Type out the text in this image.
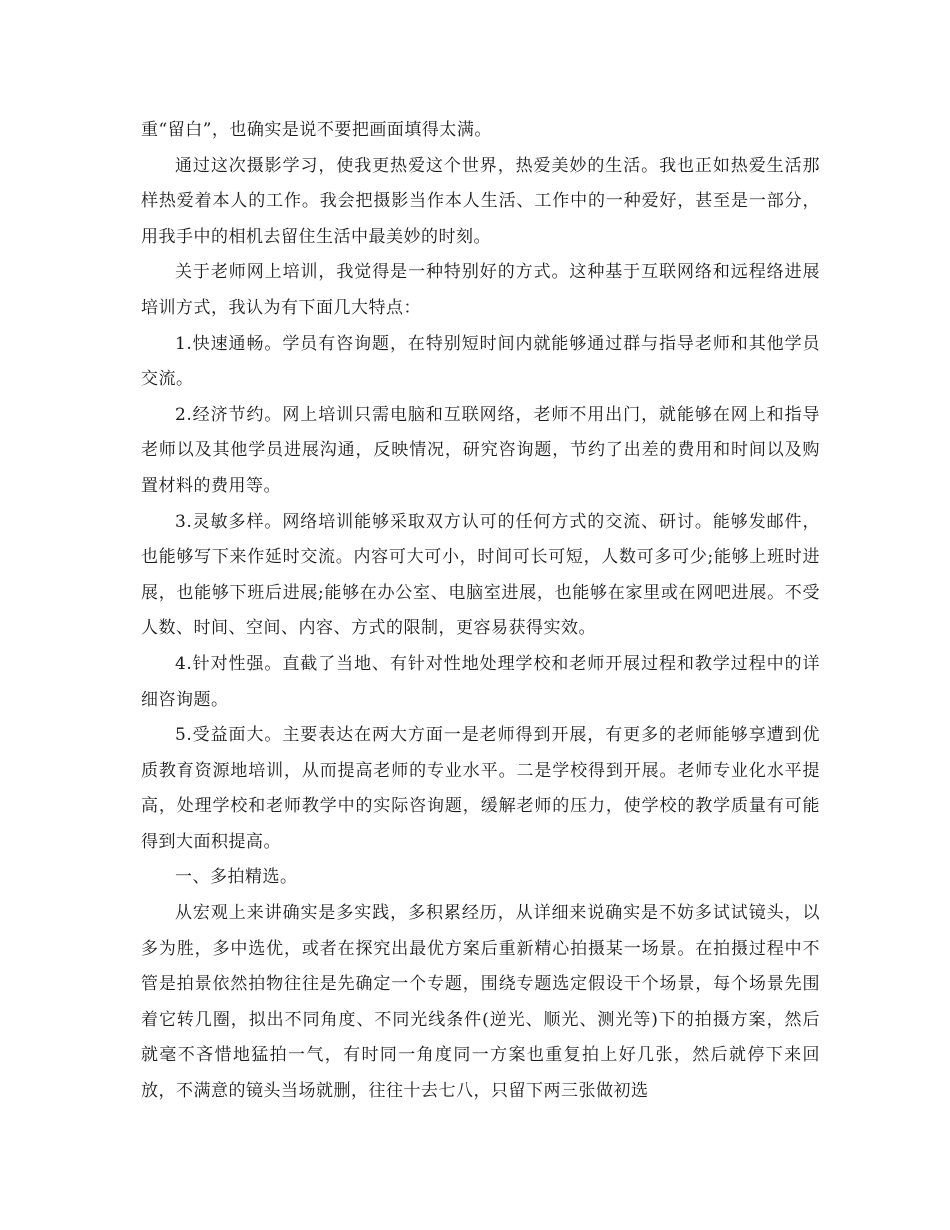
重“留白”，也确实是说不要把画面填得太满。

通过这次摄影学习，使我更热爱这个世界，热爱美妙的生活。我也正如热爱生活那样热爱着本人的工作。我会把摄影当作本人生活、工作中的一种爱好，甚至是一部分，用我手中的相机去留住生活中最美妙的时刻。

关于老师网上培训，我觉得是一种特别好的方式。这种基于互联网络和远程络进展培训方式，我认为有下面几大特点：

1.快速通畅。学员有咨询题，在特别短时间内就能够通过群与指导老师和其他学员交流。

2.经济节约。网上培训只需电脑和互联网络，老师不用出门，就能够在网上和指导老师以及其他学员进展沟通，反映情况，研究咨询题，节约了出差的费用和时间以及购置材料的费用等。

3.灵敏多样。网络培训能够采取双方认可的任何方式的交流、研讨。能够发邮件，也能够写下来作延时交流。内容可大可小，时间可长可短，人数可多可少;能够上班时进展，也能够下班后进展;能够在办公室、电脑室进展，也能够在家里或在网吧进展。不受人数、时间、空间、内容、方式的限制，更容易获得实效。

4.针对性强。直截了当地、有针对性地处理学校和老师开展过程和教学过程中的详细咨询题。

5.受益面大。主要表达在两大方面一是老师得到开展，有更多的老师能够享遭到优质教育资源地培训，从而提高老师的专业水平。二是学校得到开展。老师专业化水平提高，处理学校和老师教学中的实际咨询题，缓解老师的压力，使学校的教学质量有可能得到大面积提高。

一、多拍精选。

从宏观上来讲确实是多实践，多积累经历，从详细来说确实是不妨多试试镜头，以多为胜，多中选优，或者在探究出最优方案后重新精心拍摄某一场景。在拍摄过程中不管是拍景依然拍物往往是先确定一个专题，围绕专题选定假设干个场景，每个场景先围着它转几圈，拟出不同角度、不同光线条件(逆光、顺光、测光等)下的拍摄方案，然后就毫不吝惜地猛拍一气，有时同一角度同一方案也重复拍上好几张，然后就停下来回放，不满意的镜头当场就删，往往十去七八，只留下两三张做初选
